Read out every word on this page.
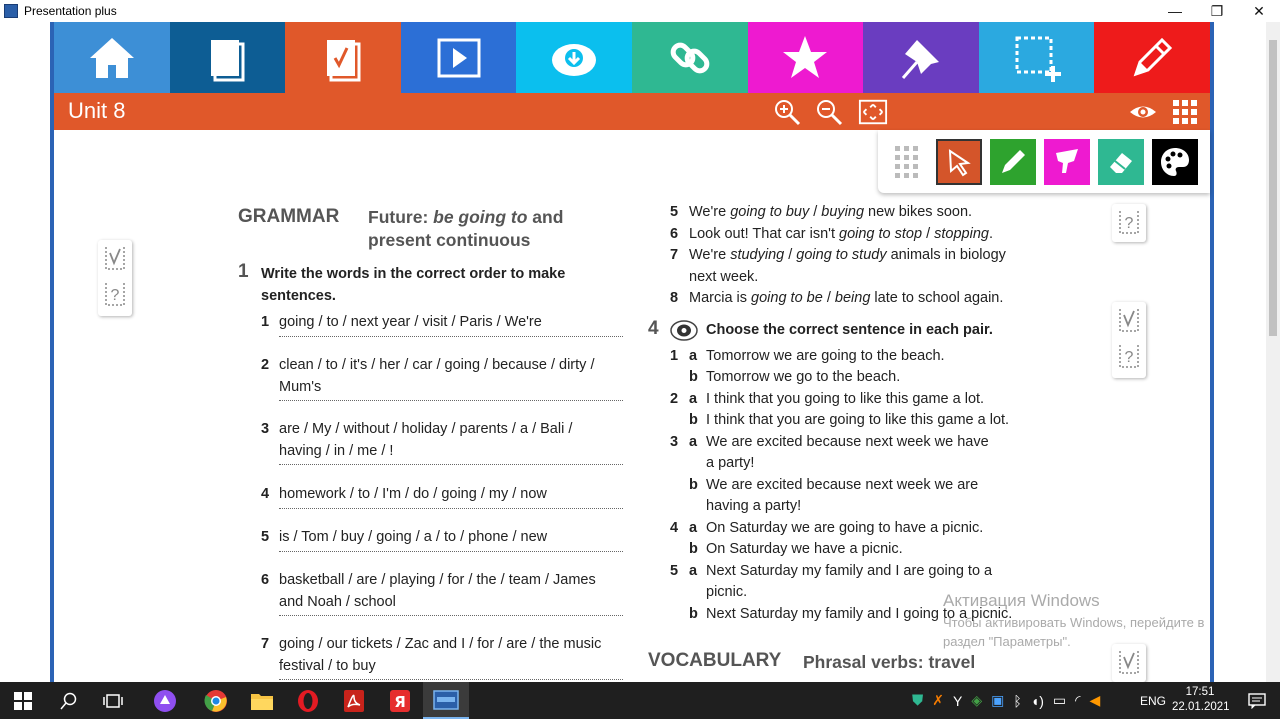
Presentation plus	—	❐	✕
Unit 8
?
?
?
GRAMMAR Future: be going to and
present continuous
1 Write the words in the correct order to make
sentences.
4	Choose the correct sentence in each pair.
VOCABULARY Phrasal verbs: travel
Активация Windows
Чтобы активировать Windows, перейдите в
раздел "Параметры".
1 going / to / next year / visit / Paris / We're
2 clean / to / it's / her / car / going / because / dirty /
Mum's
3 are / My / without / holiday / parents / a / Bali /
having / in / me / !
4 homework / to / I'm / do / going / my / now
5 is / Tom / buy / going / a / to / phone / new
6 basketball / are / playing / for / the / team / James
and Noah / school
7 going / our tickets / Zac and I / for / are / the music
festival / to buy
5 We're going to buy / buying new bikes soon.
6 Look out! That car isn't going to stop / stopping.
7 We're studying / going to study animals in biology
next week.
8 Marcia is going to be / being late to school again.
1 a Tomorrow we are going to the beach.
b Tomorrow we go to the beach.
2 a I think that you going to like this game a lot.
b I think that you are going to like this game a lot.
3 a We are excited because next week we have
a party!
b We are excited because next week we are
having a party!
4 a On Saturday we are going to have a picnic.
b On Saturday we have a picnic.
5 a Next Saturday my family and I are going to a
picnic.
b Next Saturday my family and I going to a picnic.
Я	⛊ ✗ Y ◈ ▣ ᛒ ◖) ▭ ◜ ◀	ENG
17:51
22.01.2021
